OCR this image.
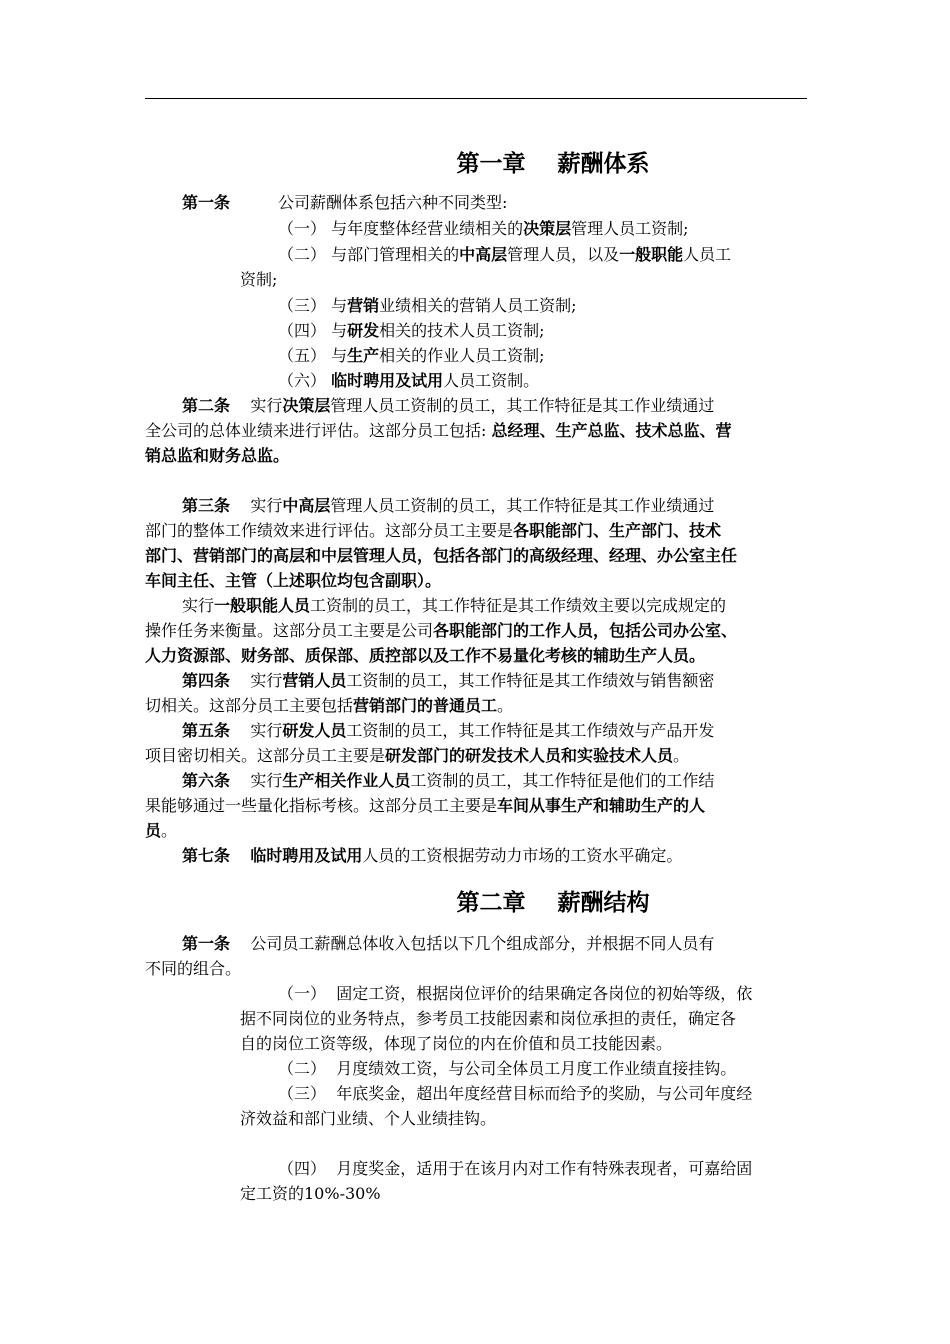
第一章    薪酬体系
第一条	公司薪酬体系包括六种不同类型:
（一） 与年度整体经营业绩相关的决策层管理人员工资制;
（二） 与部门管理相关的中高层管理人员，以及一般职能人员工
资制;
（三） 与营销业绩相关的营销人员工资制;
（四） 与研发相关的技术人员工资制;
（五） 与生产相关的作业人员工资制;
（六） 临时聘用及试用人员工资制。
第二条 实行决策层管理人员工资制的员工，其工作特征是其工作业绩通过
全公司的总体业绩来进行评估。这部分员工包括: 总经理、生产总监、技术总监、营
销总监和财务总监。
第三条 实行中高层管理人员工资制的员工，其工作特征是其工作业绩通过
部门的整体工作绩效来进行评估。这部分员工主要是各职能部门、生产部门、技术
部门、营销部门的高层和中层管理人员，包括各部门的高级经理、经理、办公室主任
车间主任、主管（上述职位均包含副职）。
实行一般职能人员工资制的员工，其工作特征是其工作绩效主要以完成规定的
操作任务来衡量。这部分员工主要是公司各职能部门的工作人员，包括公司办公室、
人力资源部、财务部、质保部、质控部以及工作不易量化考核的辅助生产人员。
第四条 实行营销人员工资制的员工，其工作特征是其工作绩效与销售额密
切相关。这部分员工主要包括营销部门的普通员工。
第五条 实行研发人员工资制的员工，其工作特征是其工作绩效与产品开发
项目密切相关。这部分员工主要是研发部门的研发技术人员和实验技术人员。
第六条 实行生产相关作业人员工资制的员工，其工作特征是他们的工作结
果能够通过一些量化指标考核。这部分员工主要是车间从事生产和辅助生产的人
员。
第七条 临时聘用及试用人员的工资根据劳动力市场的工资水平确定。
第二章    薪酬结构
第一条 公司员工薪酬总体收入包括以下几个组成部分，并根据不同人员有
不同的组合。
（一） 固定工资，根据岗位评价的结果确定各岗位的初始等级，依
据不同岗位的业务特点，参考员工技能因素和岗位承担的责任，确定各
自的岗位工资等级，体现了岗位的内在价值和员工技能因素。
（二） 月度绩效工资，与公司全体员工月度工作业绩直接挂钩。
（三） 年底奖金，超出年度经营目标而给予的奖励，与公司年度经
济效益和部门业绩、个人业绩挂钩。
（四） 月度奖金，适用于在该月内对工作有特殊表现者，可嘉给固
定工资的10%-30%
